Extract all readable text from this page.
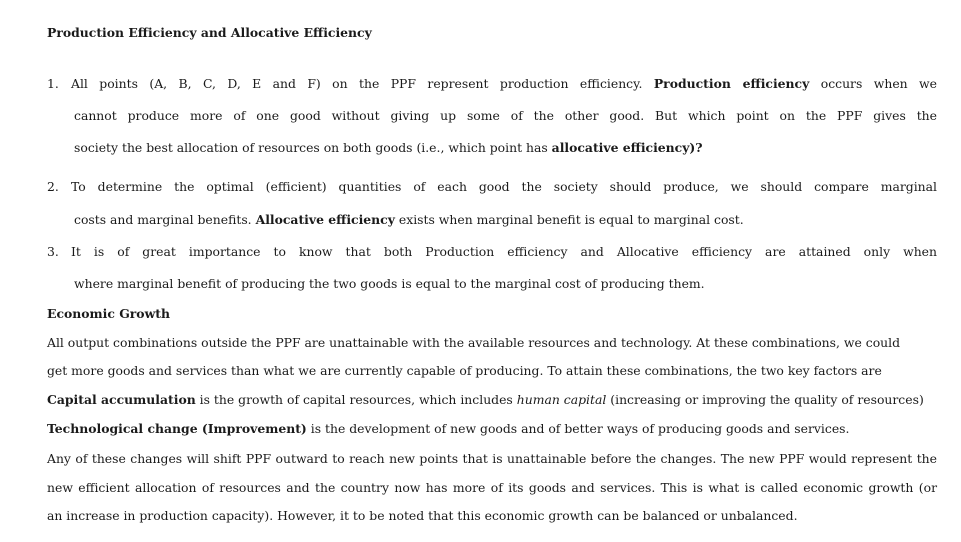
Production Efficiency and Allocative Efficiency
1. All points (A, B, C, D, E and F) on the PPF represent production efficiency. Production efficiency occurs when we
cannot produce more of one good without giving up some of the other good. But which point on the PPF gives the
society the best allocation of resources on both goods (i.e., which point has allocative efficiency)?
2. To determine the optimal (efficient) quantities of each good the society should produce, we should compare marginal
costs and marginal benefits. Allocative efficiency exists when marginal benefit is equal to marginal cost.
3. It is of great importance to know that both Production efficiency and Allocative efficiency are attained only when
where marginal benefit of producing the two goods is equal to the marginal cost of producing them.
Economic Growth
All output combinations outside the PPF are unattainable with the available resources and technology. At these combinations, we could
get more goods and services than what we are currently capable of producing. To attain these combinations, the two key factors are
Capital accumulation is the growth of capital resources, which includes human capital (increasing or improving the quality of resources)
Technological change (Improvement) is the development of new goods and of better ways of producing goods and services.
Any of these changes will shift PPF outward to reach new points that is unattainable before the changes. The new PPF would represent the
new efficient allocation of resources and the country now has more of its goods and services. This is what is called economic growth (or
an increase in production capacity). However, it to be noted that this economic growth can be balanced or unbalanced.
